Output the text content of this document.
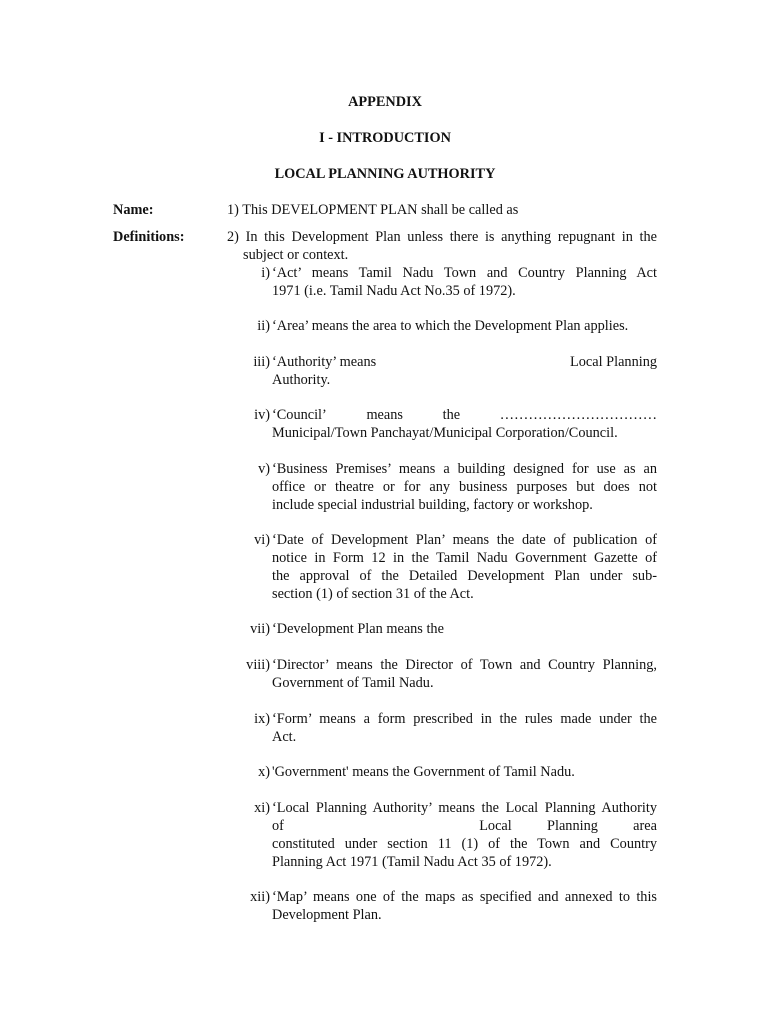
APPENDIX
I - INTRODUCTION
LOCAL PLANNING AUTHORITY
Name:	1) This DEVELOPMENT PLAN shall be called as
Definitions:	2) In this Development Plan unless there is anything repugnant in the
subject or context.
i) ‘Act’ means Tamil Nadu Town and Country Planning Act
1971 (i.e. Tamil Nadu Act No.35 of 1972).
ii) ‘Area’ means the area to which the Development Plan applies.
iii) ‘Authority’ means	Local Planning
Authority.
iv) ‘Council’	means	the	……………………………
Municipal/Town Panchayat/Municipal Corporation/Council.
v) ‘Business Premises’ means a building designed for use as an
office or theatre or for any business purposes but does not
include special industrial building, factory or workshop.
vi) ‘Date of Development Plan’ means the date of publication of
notice in Form 12 in the Tamil Nadu Government Gazette of
the approval of the Detailed Development Plan under sub-
section (1) of section 31 of the Act.
vii) ‘Development Plan means the
viii) ‘Director’ means the Director of Town and Country Planning,
Government of Tamil Nadu.
ix) ‘Form’ means a form prescribed in the rules made under the
Act.
x) 'Government' means the Government of Tamil Nadu.
xi) ‘Local Planning Authority’ means the Local Planning Authority
of	Local Planning area
constituted under section 11 (1) of the Town and Country
Planning Act 1971 (Tamil Nadu Act 35 of 1972).
xii) ‘Map’ means one of the maps as specified and annexed to this
Development Plan.
